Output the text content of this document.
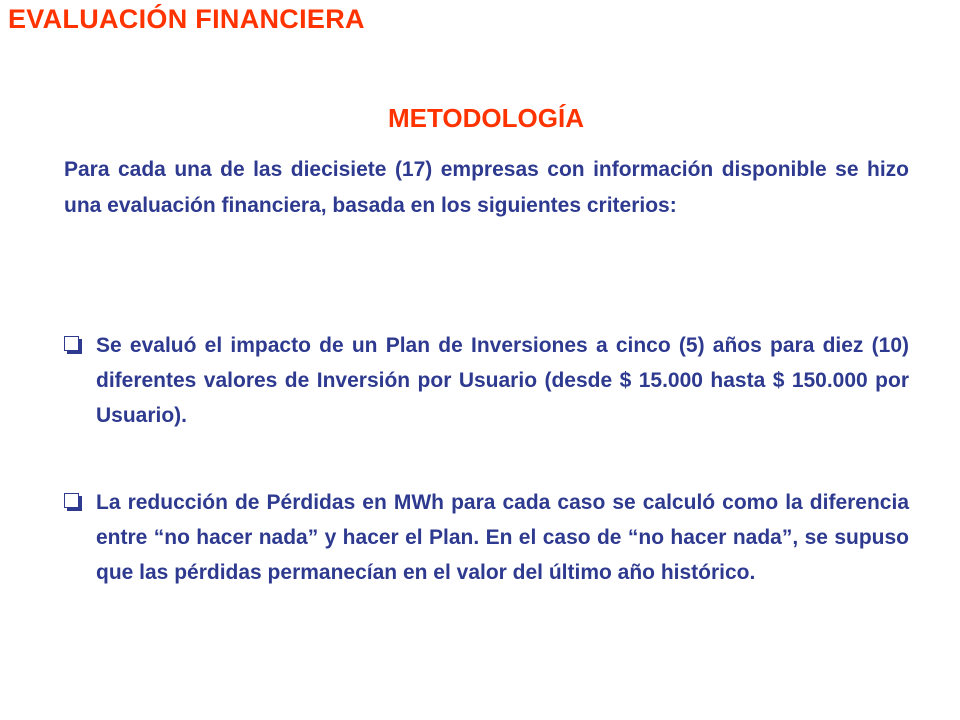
EVALUACIÓN FINANCIERA
METODOLOGÍA

Para cada una de las diecisiete (17) empresas con información disponible se hizo una evaluación financiera, basada en los siguientes criterios:

Se evaluó el impacto de un Plan de Inversiones a cinco (5) años para diez (10) diferentes valores de Inversión por Usuario (desde $ 15.000 hasta $ 150.000 por Usuario).
La reducción de Pérdidas en MWh para cada caso se calculó como la diferencia entre “no hacer nada” y hacer el Plan. En el caso de “no hacer nada”, se supuso que las pérdidas permanecían en el valor del último año histórico.
